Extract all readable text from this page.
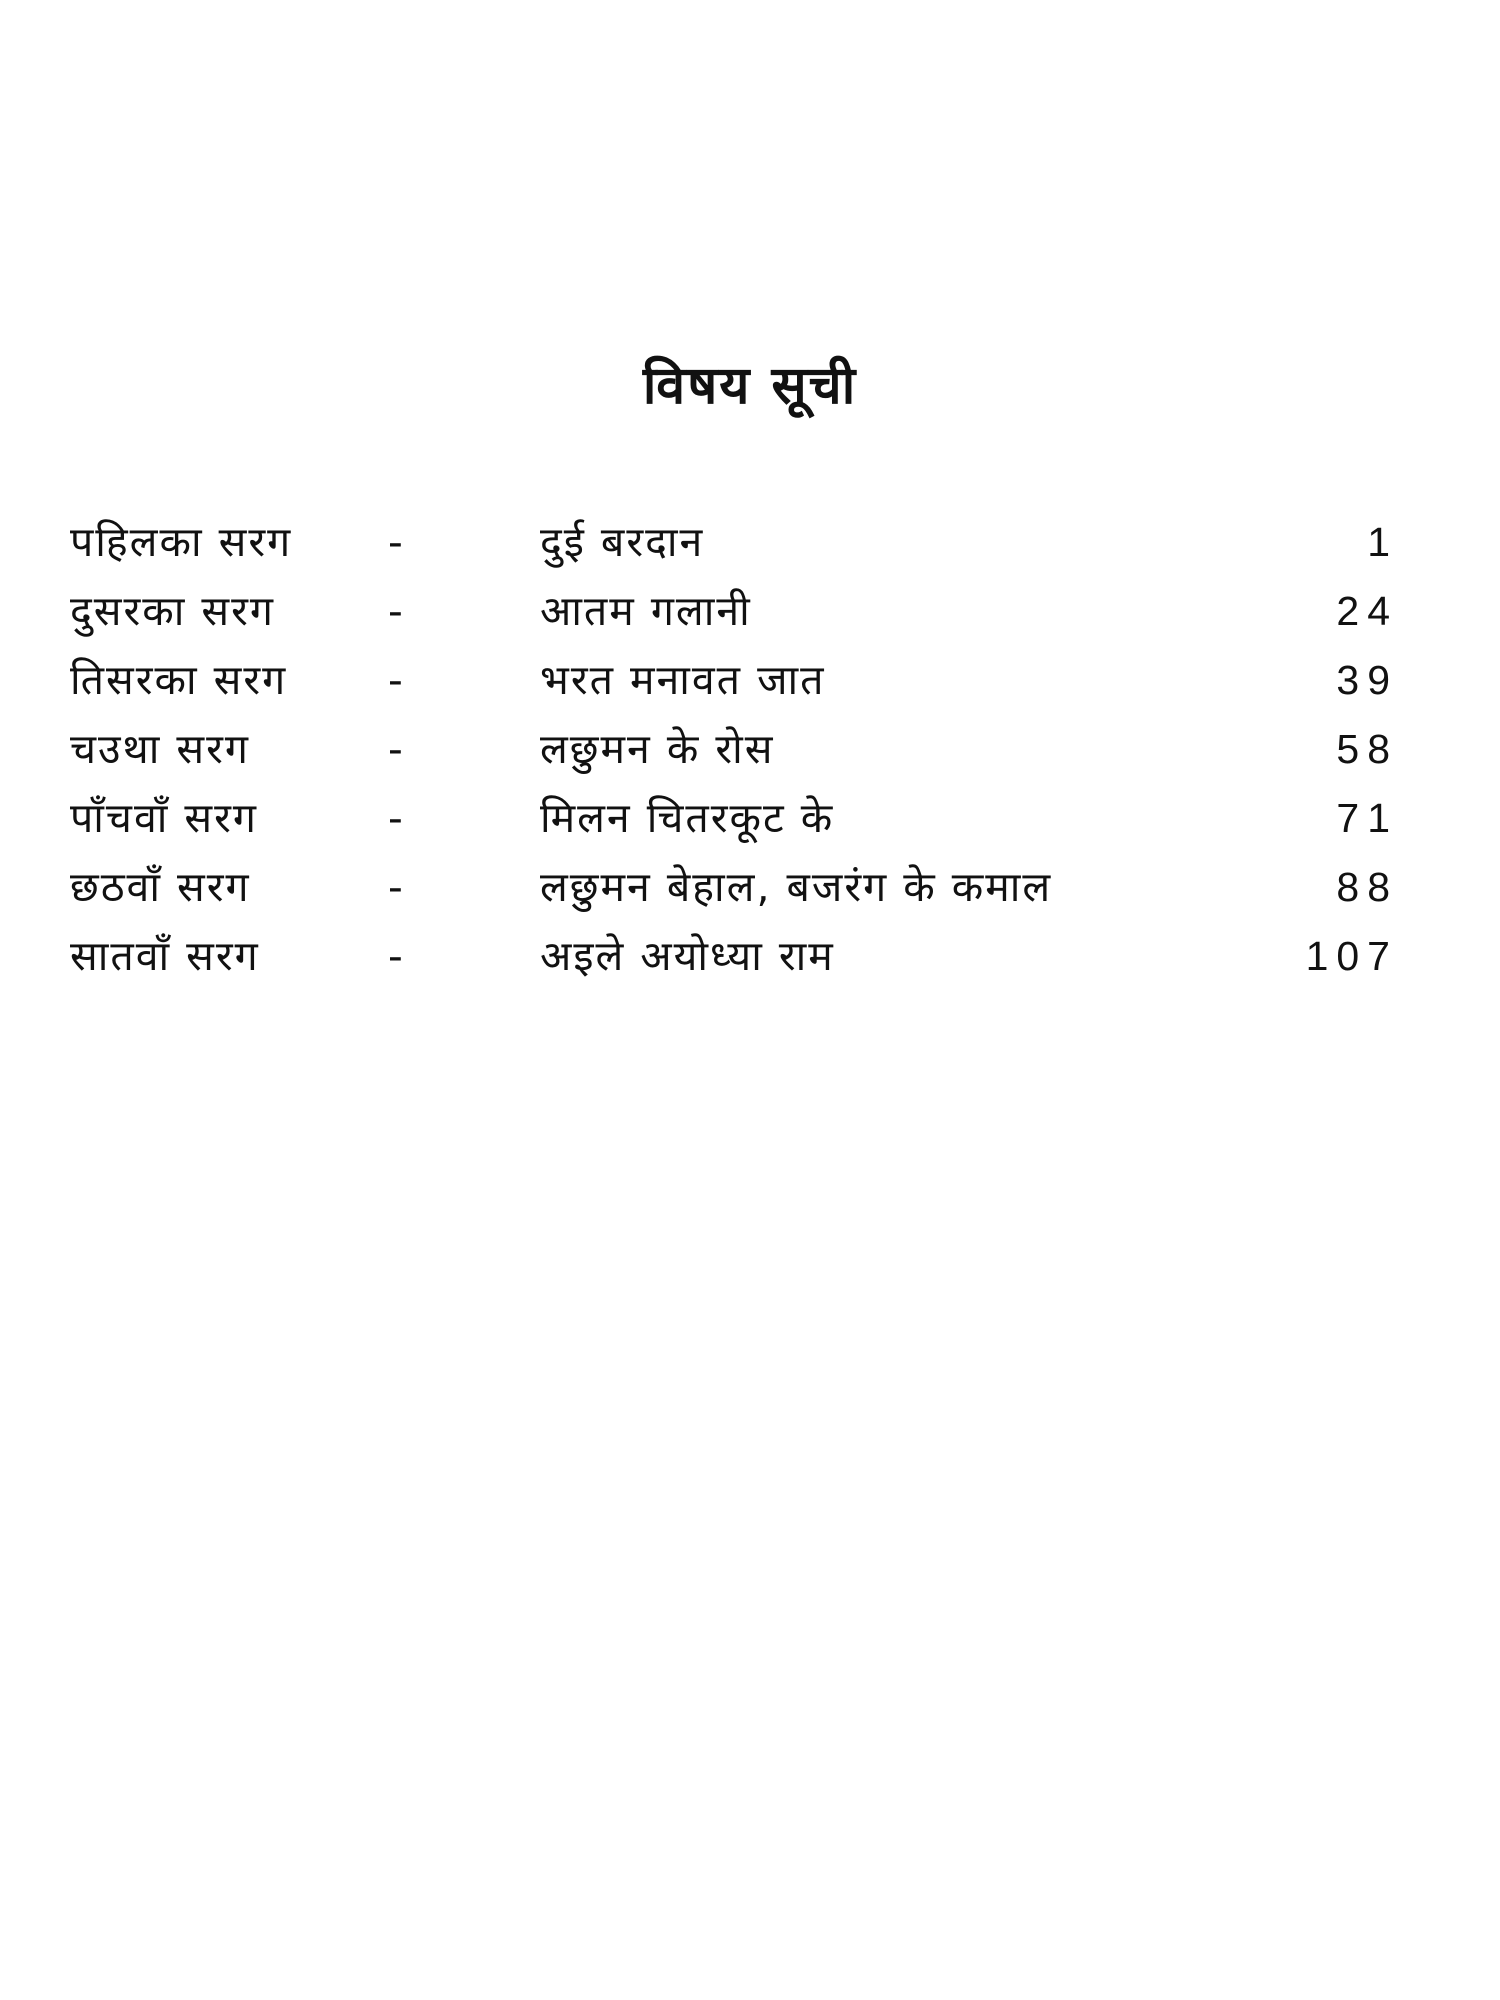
विषय सूची
पहिलका सरग -	दुई बरदान	1
दुसरका सरग	-	आतम गलानी	24
तिसरका सरग -	भरत मनावत जात	39
चउथा सरग	-	लछुमन के रोस	58
पाँचवाँ सरग	-	मिलन चितरकूट के	71
छठवाँ सरग	-	लछुमन बेहाल, बजरंग के कमाल	88
सातवाँ सरग	-	अइले अयोध्या राम	107
